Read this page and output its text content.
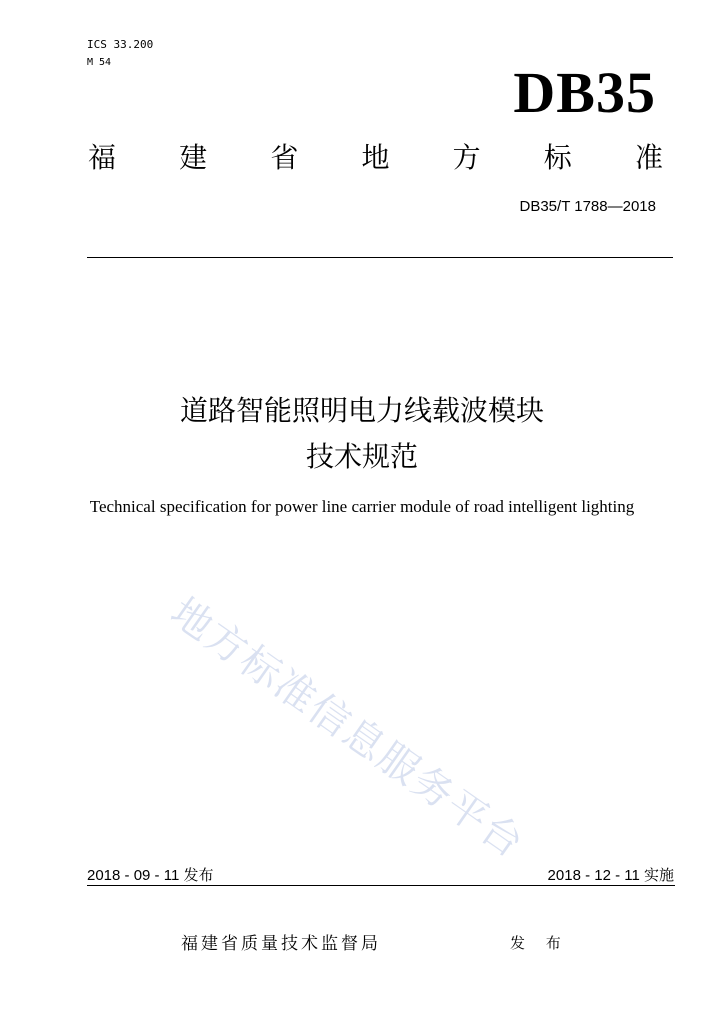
ICS 33.200
M 54	DB35
福 建 省 地 方 标 准
DB35/T 1788—2018
道路智能照明电力线载波模块
技术规范
Technical specification for power line carrier module of road intelligent lighting
地方标准信息服务平台
2018 - 09 - 11 发布	2018 - 12 - 11 实施
福建省质量技术监督局	发 布
